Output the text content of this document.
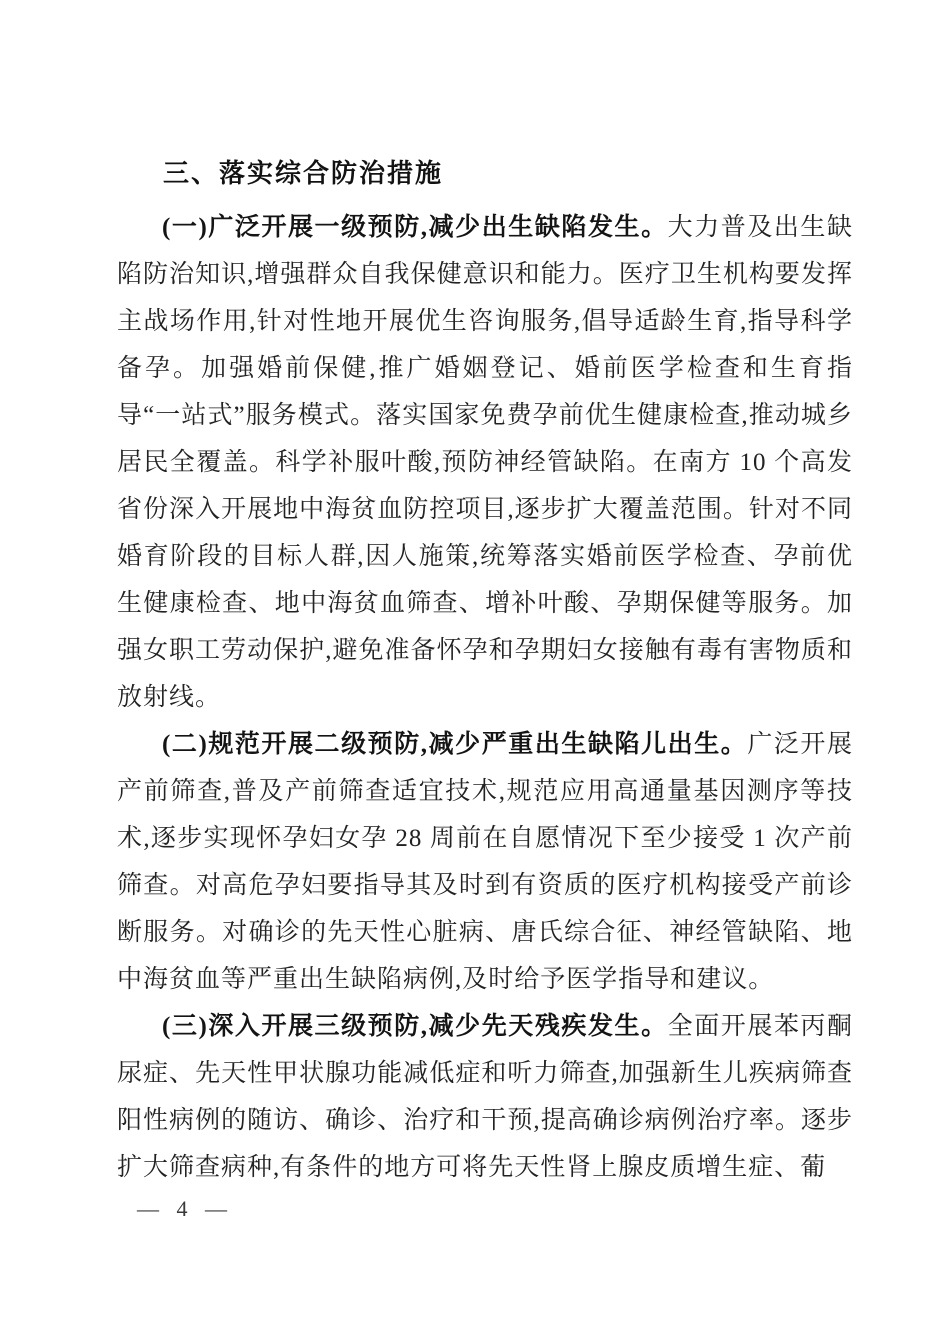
三、落实综合防治措施

(一)广泛开展一级预防,减少出生缺陷发生。大力普及出生缺陷防治知识,增强群众自我保健意识和能力。医疗卫生机构要发挥主战场作用,针对性地开展优生咨询服务,倡导适龄生育,指导科学备孕。加强婚前保健,推广婚姻登记、婚前医学检查和生育指导“一站式”服务模式。落实国家免费孕前优生健康检查,推动城乡居民全覆盖。科学补服叶酸,预防神经管缺陷。在南方 10 个高发省份深入开展地中海贫血防控项目,逐步扩大覆盖范围。针对不同婚育阶段的目标人群,因人施策,统筹落实婚前医学检查、孕前优生健康检查、地中海贫血筛查、增补叶酸、孕期保健等服务。加强女职工劳动保护,避免准备怀孕和孕期妇女接触有毒有害物质和放射线。

(二)规范开展二级预防,减少严重出生缺陷儿出生。广泛开展产前筛查,普及产前筛查适宜技术,规范应用高通量基因测序等技术,逐步实现怀孕妇女孕 28 周前在自愿情况下至少接受 1 次产前筛查。对高危孕妇要指导其及时到有资质的医疗机构接受产前诊断服务。对确诊的先天性心脏病、唐氏综合征、神经管缺陷、地中海贫血等严重出生缺陷病例,及时给予医学指导和建议。

(三)深入开展三级预防,减少先天残疾发生。全面开展苯丙酮尿症、先天性甲状腺功能减低症和听力筛查,加强新生儿疾病筛查阳性病例的随访、确诊、治疗和干预,提高确诊病例治疗率。逐步扩大筛查病种,有条件的地方可将先天性肾上腺皮质增生症、葡

— 4 —
